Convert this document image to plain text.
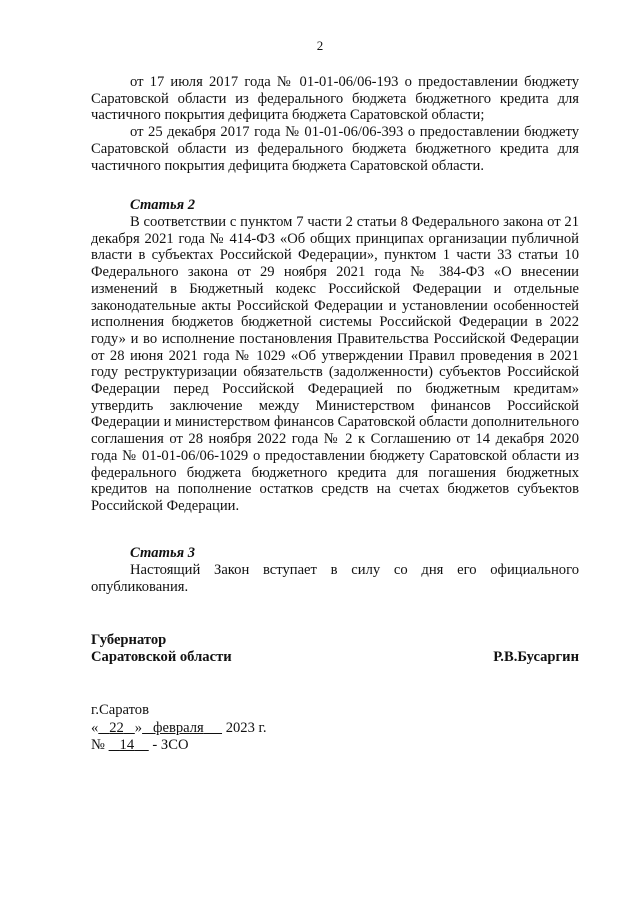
2

от 17 июля 2017 года № 01-01-06/06-193 о предоставлении бюджету Саратовской области из федерального бюджета бюджетного кредита для частичного покрытия дефицита бюджета Саратовской области;

от 25 декабря 2017 года № 01-01-06/06-393 о предоставлении бюджету Саратовской области из федерального бюджета бюджетного кредита для частичного покрытия дефицита бюджета Саратовской области.

Статья 2

В соответствии с пунктом 7 части 2 статьи 8 Федерального закона от 21 декабря 2021 года № 414-ФЗ «Об общих принципах организации публичной власти в субъектах Российской Федерации», пунктом 1 части 33 статьи 10 Федерального закона от 29 ноября 2021 года № 384-ФЗ «О внесении изменений в Бюджетный кодекс Российской Федерации и отдельные законодательные акты Российской Федерации и установлении особенностей исполнения бюджетов бюджетной системы Российской Федерации в 2022 году» и во исполнение постановления Правительства Российской Федерации от 28 июня 2021 года № 1029 «Об утверждении Правил проведения в 2021 году реструктуризации обязательств (задолженности) субъектов Российской Федерации перед Российской Федерацией по бюджетным кредитам» утвердить заключение между Министерством финансов Российской Федерации и министерством финансов Саратовской области дополнительного соглашения от 28 ноября 2022 года № 2 к Соглашению от 14 декабря 2020 года № 01-01-06/06-1029 о предоставлении бюджету Саратовской области из федерального бюджета бюджетного кредита для погашения бюджетных кредитов на пополнение остатков средств на счетах бюджетов субъектов Российской Федерации.

Статья 3

Настоящий Закон вступает в силу со дня его официального опубликования.

Губернатор
Саратовской области	Р.В.Бусаргин
г.Саратов
« 22 » февраля 2023 г.
№ 14 - ЗСО
